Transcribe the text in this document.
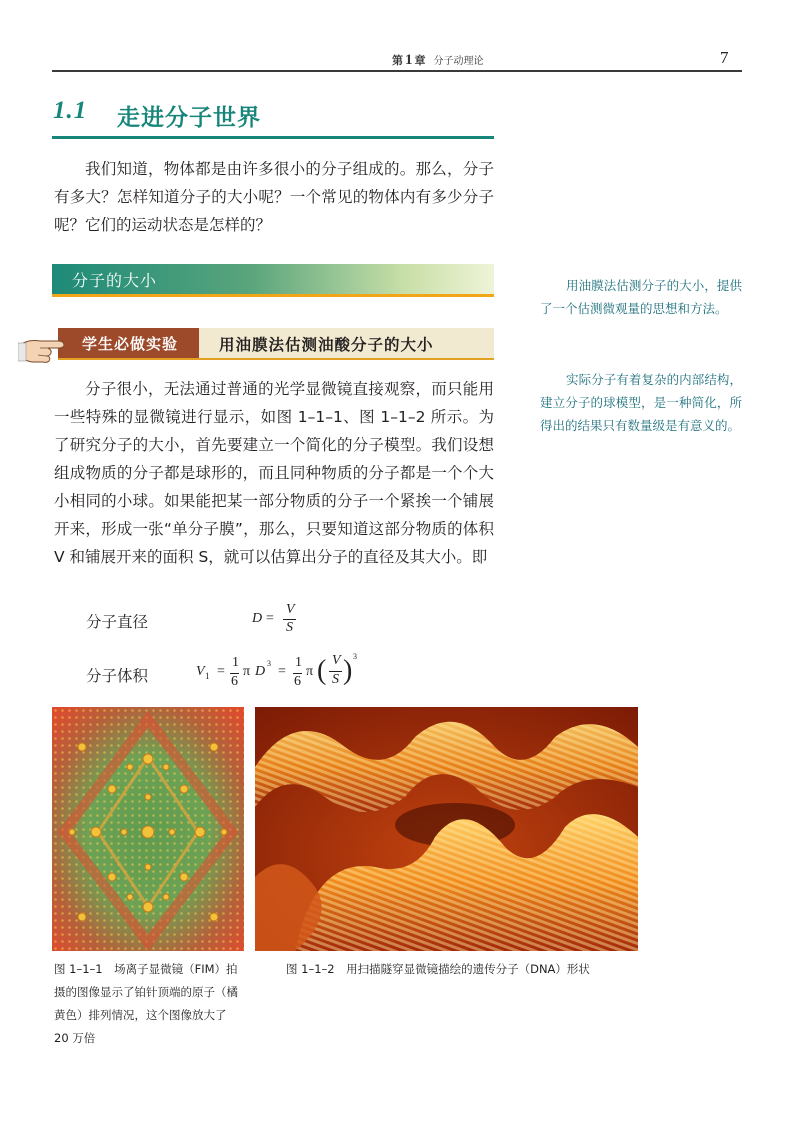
第 1 章 分子动理论	7
1.1 走进分子世界

我们知道，物体都是由许多很小的分子组成的。那么，分子有多大？怎样知道分子的大小呢？一个常见的物体内有多少分子呢？它们的运动状态是怎样的？

分子的大小
学生必做实验	用油膜法估测油酸分子的大小

分子很小，无法通过普通的光学显微镜直接观察，而只能用一些特殊的显微镜进行显示，如图 1–1–1、图 1–1–2 所示。为了研究分子的大小，首先要建立一个简化的分子模型。我们设想组成物质的分子都是球形的，而且同种物质的分子都是一个个大小相同的小球。如果能把某一部分物质的分子一个紧挨一个铺展开来，形成一张“单分子膜”，那么，只要知道这部分物质的体积 V 和铺展开来的面积 S，就可以估算出分子的直径及其大小。即

分子直径	D =
V
S
分子体积	V 1 =
1
6
π D
3
=
1
6
π ( V
S ) 3

用油膜法估测分子的大小，提供了一个估测微观量的思想和方法。

实际分子有着复杂的内部结构，建立分子的球模型，是一种简化，所得出的结果只有数量级是有意义的。

图 1–1–1　场离子显微镜（FIM）拍摄的图像显示了铂针顶端的原子（橘黄色）排列情况，这个图像放大了 20 万倍

图 1–1–2　用扫描隧穿显微镜描绘的遗传分子（DNA）形状
